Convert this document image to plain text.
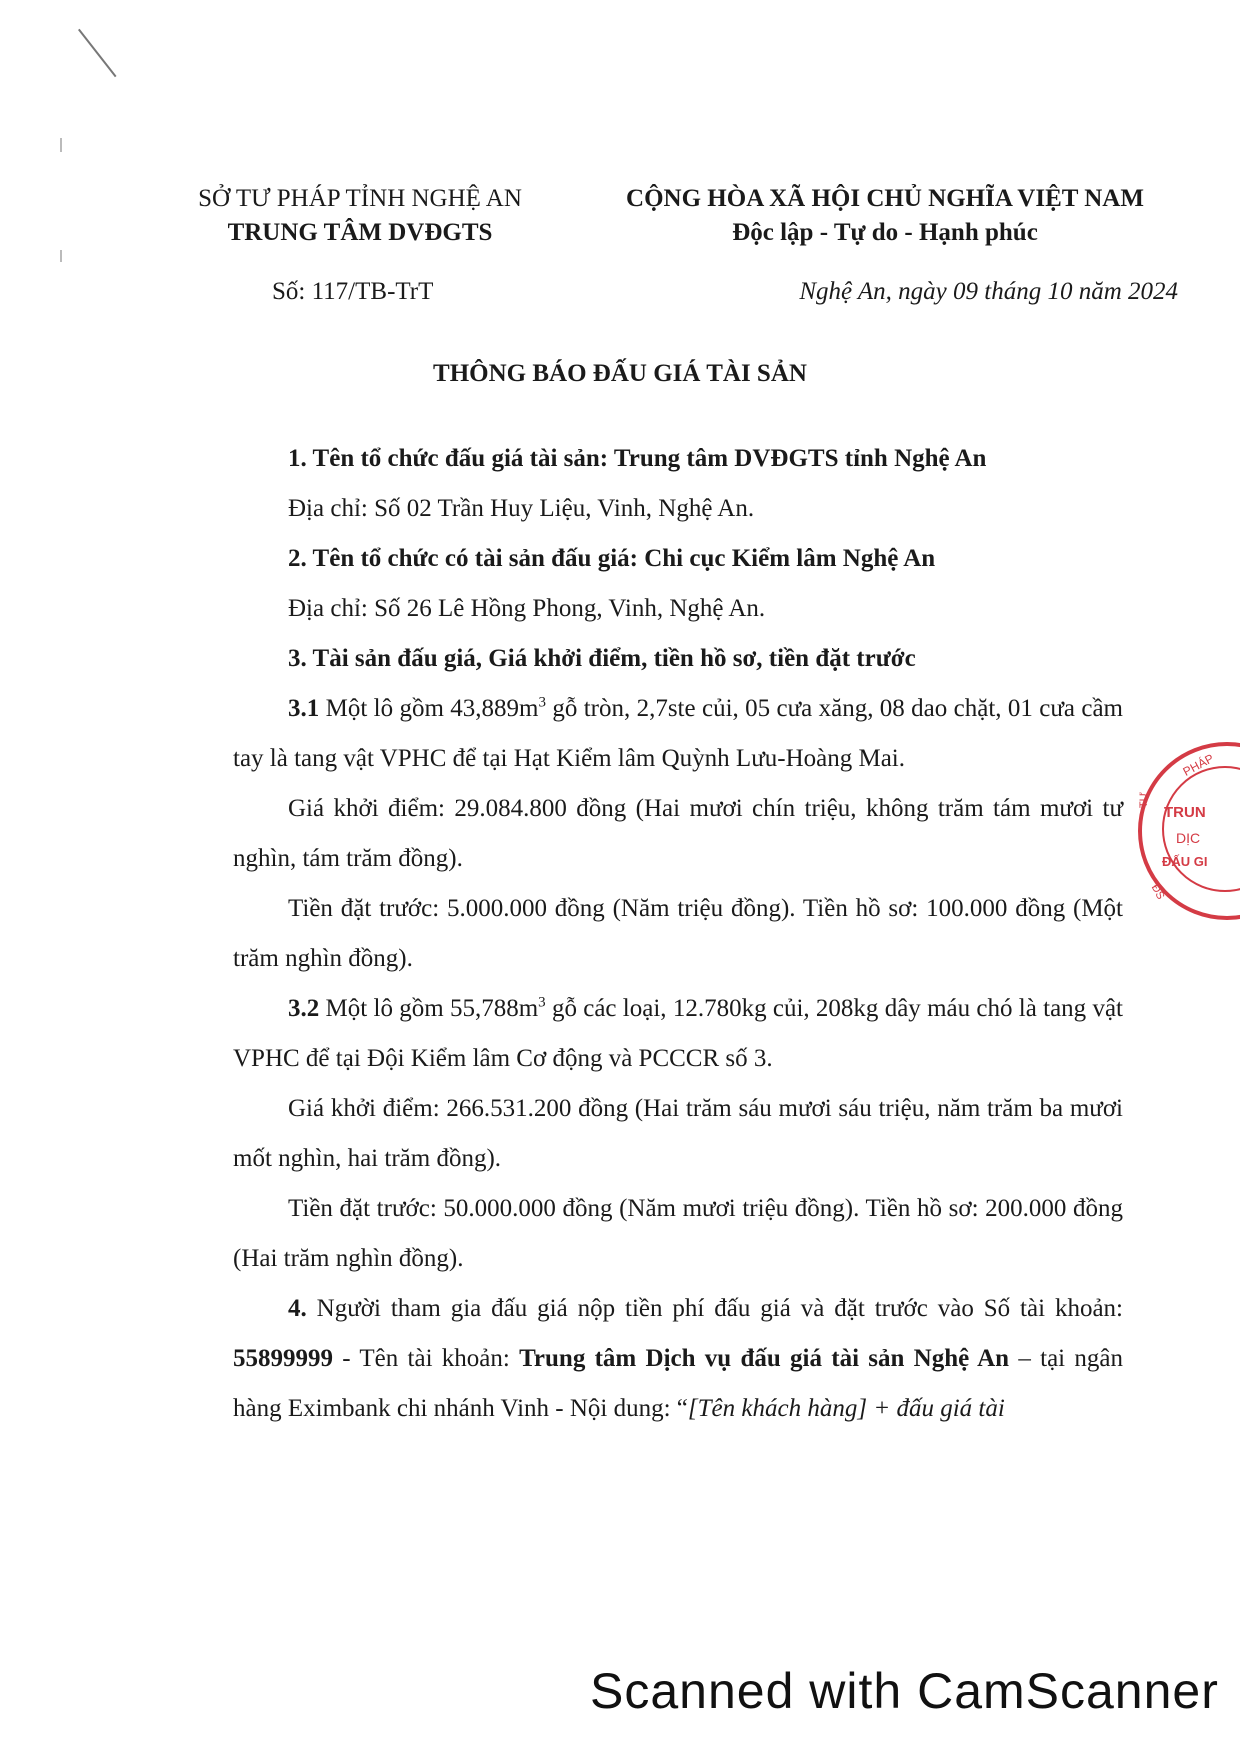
SỞ TƯ PHÁP TỈNH NGHỆ AN
TRUNG TÂM DVĐGTS
CỘNG HÒA XÃ HỘI CHỦ NGHĨA VIỆT NAM
Độc lập - Tự do - Hạnh phúc
Số: 117/TB-TrT	Nghệ An, ngày 09 tháng 10 năm 2024
THÔNG BÁO ĐẤU GIÁ TÀI SẢN

1. Tên tổ chức đấu giá tài sản: Trung tâm DVĐGTS tỉnh Nghệ An

Địa chỉ: Số 02 Trần Huy Liệu, Vinh, Nghệ An.

2. Tên tổ chức có tài sản đấu giá: Chi cục Kiểm lâm Nghệ An

Địa chỉ: Số 26 Lê Hồng Phong, Vinh, Nghệ An.

3. Tài sản đấu giá, Giá khởi điểm, tiền hồ sơ, tiền đặt trước

3.1 Một lô gồm $43,889m^3$ gỗ tròn, 2,7ste củi, 05 cưa xăng, 08 dao chặt, 01 cưa cầm tay là tang vật VPHC để tại Hạt Kiểm lâm Quỳnh Lưu-Hoàng Mai.

Giá khởi điểm: 29.084.800 đồng (Hai mươi chín triệu, không trăm tám mươi tư nghìn, tám trăm đồng).

Tiền đặt trước: 5.000.000 đồng (Năm triệu đồng). Tiền hồ sơ: 100.000 đồng (Một trăm nghìn đồng).

3.2 Một lô gồm $55,788m^3$ gỗ các loại, 12.780kg củi, 208kg dây máu chó là tang vật VPHC để tại Đội Kiểm lâm Cơ động và PCCCR số 3.

Giá khởi điểm: 266.531.200 đồng (Hai trăm sáu mươi sáu triệu, năm trăm ba mươi mốt nghìn, hai trăm đồng).

Tiền đặt trước: 50.000.000 đồng (Năm mươi triệu đồng). Tiền hồ sơ: 200.000 đồng (Hai trăm nghìn đồng).

4. Người tham gia đấu giá nộp tiền phí đấu giá và đặt trước vào Số tài khoản: 55899999 - Tên tài khoản: Trung tâm Dịch vụ đấu giá tài sản Nghệ An – tại ngân hàng Eximbank chi nhánh Vinh - Nội dung: “[Tên khách hàng] + đấu giá tài

PHÁP
TƯ
TRUN
DỊC
ĐẤU GI
ĐS
Scanned with CamScanner
